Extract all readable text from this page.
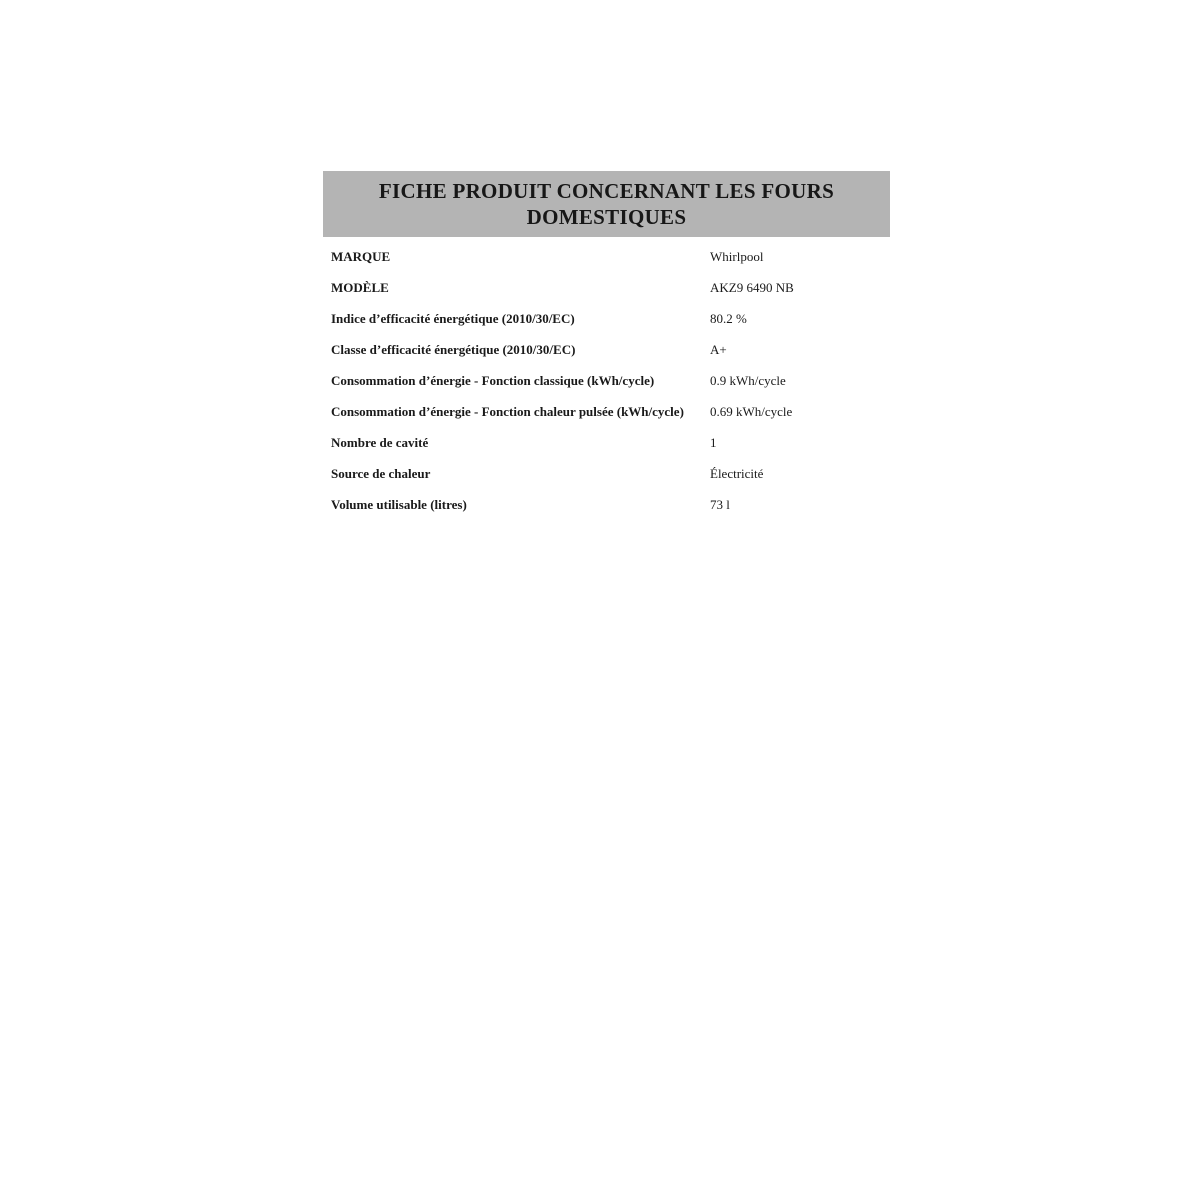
FICHE PRODUIT CONCERNANT LES FOURS
DOMESTIQUES
MARQUE	Whirlpool
MODÈLE	AKZ9 6490 NB
Indice d’efficacité énergétique (2010/30/EC)	80.2 %
Classe d’efficacité énergétique (2010/30/EC)	A+
Consommation d’énergie - Fonction classique (kWh/cycle)	0.9 kWh/cycle
Consommation d’énergie - Fonction chaleur pulsée (kWh/cycle)	0.69 kWh/cycle
Nombre de cavité	1
Source de chaleur	Électricité
Volume utilisable (litres)	73 l
